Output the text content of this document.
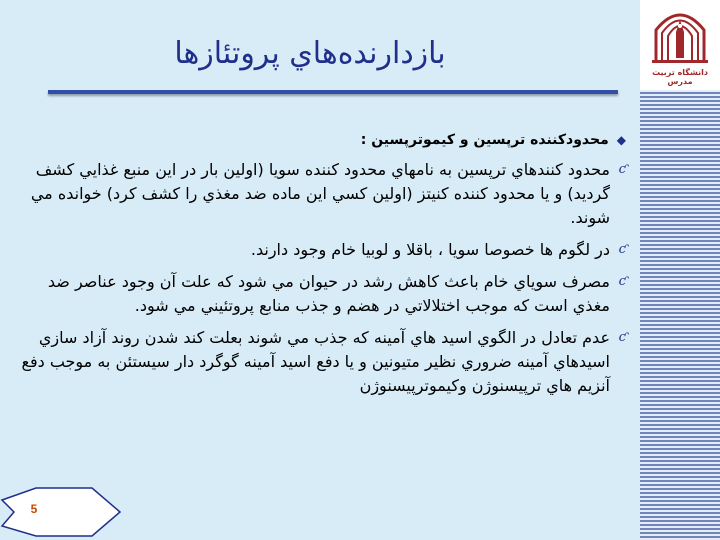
دانشگاه تربیت مدرس
بازدارنده‌هاي پروتئازها
◆محدودکننده ترپسين و کيموترپسين :
ƈ
محدود کنندهاي ترپسين به نامهاي محدود کننده سويا (اولين بار در اين منبع غذايي کشف گرديد) و يا محدود کننده کنيتز (اولين کسي اين ماده ضد مغذي را کشف کرد) خوانده مي شوند.
ƈ
در لگوم ها خصوصا سويا ، باقلا و لوبيا خام وجود دارند.
ƈ
مصرف سوياي خام باعث کاهش رشد در حيوان مي شود که علت آن وجود عناصر ضد مغذي است که موجب اختلالاتي در هضم و جذب منابع پروتئيني مي شود.
ƈ
عدم تعادل در الگوي اسيد هاي آمينه که جذب مي شوند بعلت کند شدن روند آزاد سازي اسيدهاي آمينه ضروري نظير متيونين و يا دفع اسيد آمينه گوگرد دار سيستئن به موجب دفع آنزيم هاي ترپيسنوژن وکيموترپيسنوژن
5
